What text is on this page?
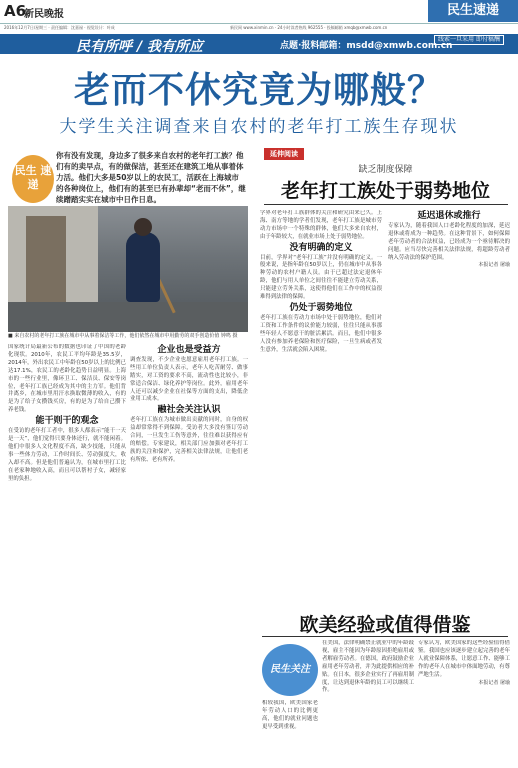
A6
新民晚报	民生速递
2016年12月7日/星期三 · 责任编辑：沈嘉禄 · 视觉设计：叶成	新民网 www.xinmin.cn · 24小时读者热线 962555 · 投稿邮箱 xmqb@xmwb.com.cn
民有所呼 / 我有所应	点题·报料邮箱：msdd@xmwb.com.cn
线索一旦采用 即付稿酬
老而不休究竟为哪般？
大学生关注调查来自农村的老年打工族生存现状
民生 速递
你有没有发现，身边多了很多来自农村的老年打工族？他们有的卖早点，有的做保洁，甚至还在建筑工地从事着体力活。他们大多是50岁以上的农民工，活跃在上海城市的各种岗位上，他们有的甚至已有孙辈却“老而不休”，继续蹭踏实实在城市中日作日息。
■ 来自农村的老年打工族在城市中从事着保洁等工作，他们依然在城市中用勤劳的双手创造价值 钟鸣 摄

国家统计局最新公布的数据也印证了中国的老龄化现状。2010年，农民工平均年龄是35.5岁，2014年，外出农民工中年龄在50岁以上的比例已达17.1%，农民工的老龄化趋势日益明显。上海市的一些行业里，像环卫工、保洁员、保安等岗位，老年打工族已经成为其中的主力军。他们背井离乡，在城市里用汗水换取微薄的收入，有的是为了给子女攒钱买房，有的是为了给自己攒下养老钱。

能干则干的观念

在受访的老年打工者中，很多人都表示“能干一天是一天”，他们觉得只要身体还行，就不能闲着。他们中很多人文化程度不高，缺少技能，只能从事一些体力劳动，工作时间长、劳动强度大，收入却不高。但是他们普遍认为，在城市里打工比在老家种地收入高，而且可以帮衬子女，减轻家里的负担。

企业也是受益方

调查发现，不少企业也愿意雇用老年打工族。一些用工单位负责人表示，老年人吃苦耐劳、做事踏实，对工资的要求不高，流动性也比较小，非常适合保洁、绿化养护等岗位。此外，雇用老年人还可以减少企业在社保等方面的支出，降低企业用工成本。

融社会关注认识

老年打工族在为城市做出贡献的同时，自身的权益却常常得不到保障。受访者大多没有签订劳动合同，一旦发生工伤等意外，往往难以获得应有的赔偿。专家建议，相关部门应加强对老年打工族的关注和保护，完善相关法律法规，让他们老有所依、老有所养。

延伸阅读
缺乏制度保障
老年打工族处于弱势地位

学界对老年打工族群体的关注和研究由来已久。上海、南方等地的学者们发现，老年打工族是城市劳动力市场中一个特殊的群体，他们大多来自农村，由于年龄较大，在就业市场上处于弱势地位。

没有明确的定义

目前，学界对“老年打工族”并没有明确的定义。一般来说，是指年龄在50岁以上，仍在城市中从事各种劳动的农村户籍人员。由于已超过法定退休年龄，他们与用人单位之间往往不能建立劳动关系，只能建立劳务关系，这使得他们在工作中的权益很难得到法律的保障。

仍处于弱势地位

老年打工族在劳动力市场中处于弱势地位，他们对工资和工作条件的议价能力较弱，往往只能从事那些年轻人不愿意干的脏活累活。而且，他们中很多人没有参加养老保险和医疗保险，一旦生病或者发生意外，生活就会陷入困境。

延迟退休或推行

专家认为，随着我国人口老龄化程度的加深，延迟退休或将成为一种趋势。在这种背景下，如何保障老年劳动者的合法权益，已经成为一个亟待解决的问题。应当尽快完善相关法律法规，将超龄劳动者纳入劳动法的保护范围。

本报记者 屠瑜

欧美经验或值得借鉴
民生关注

相较我国，欧美国家老年劳动人口的比例更高，他们的就业问题也更早受到重视。

在美国，法律明确禁止就业中的年龄歧视，雇主不能因为年龄原因拒绝雇用或者解雇劳动者。在德国，政府鼓励企业雇用老年劳动者，并为此提供相应的补贴。在日本，很多企业实行了再雇用制度，让达到退休年龄的员工可以继续工作。

专家认为，欧美国家的这些经验值得借鉴。我国也应该逐步建立起完善的老年人就业保障体系，让愿意工作、能够工作的老年人在城市中体面地劳动，有尊严地生活。

本报记者 屠瑜
